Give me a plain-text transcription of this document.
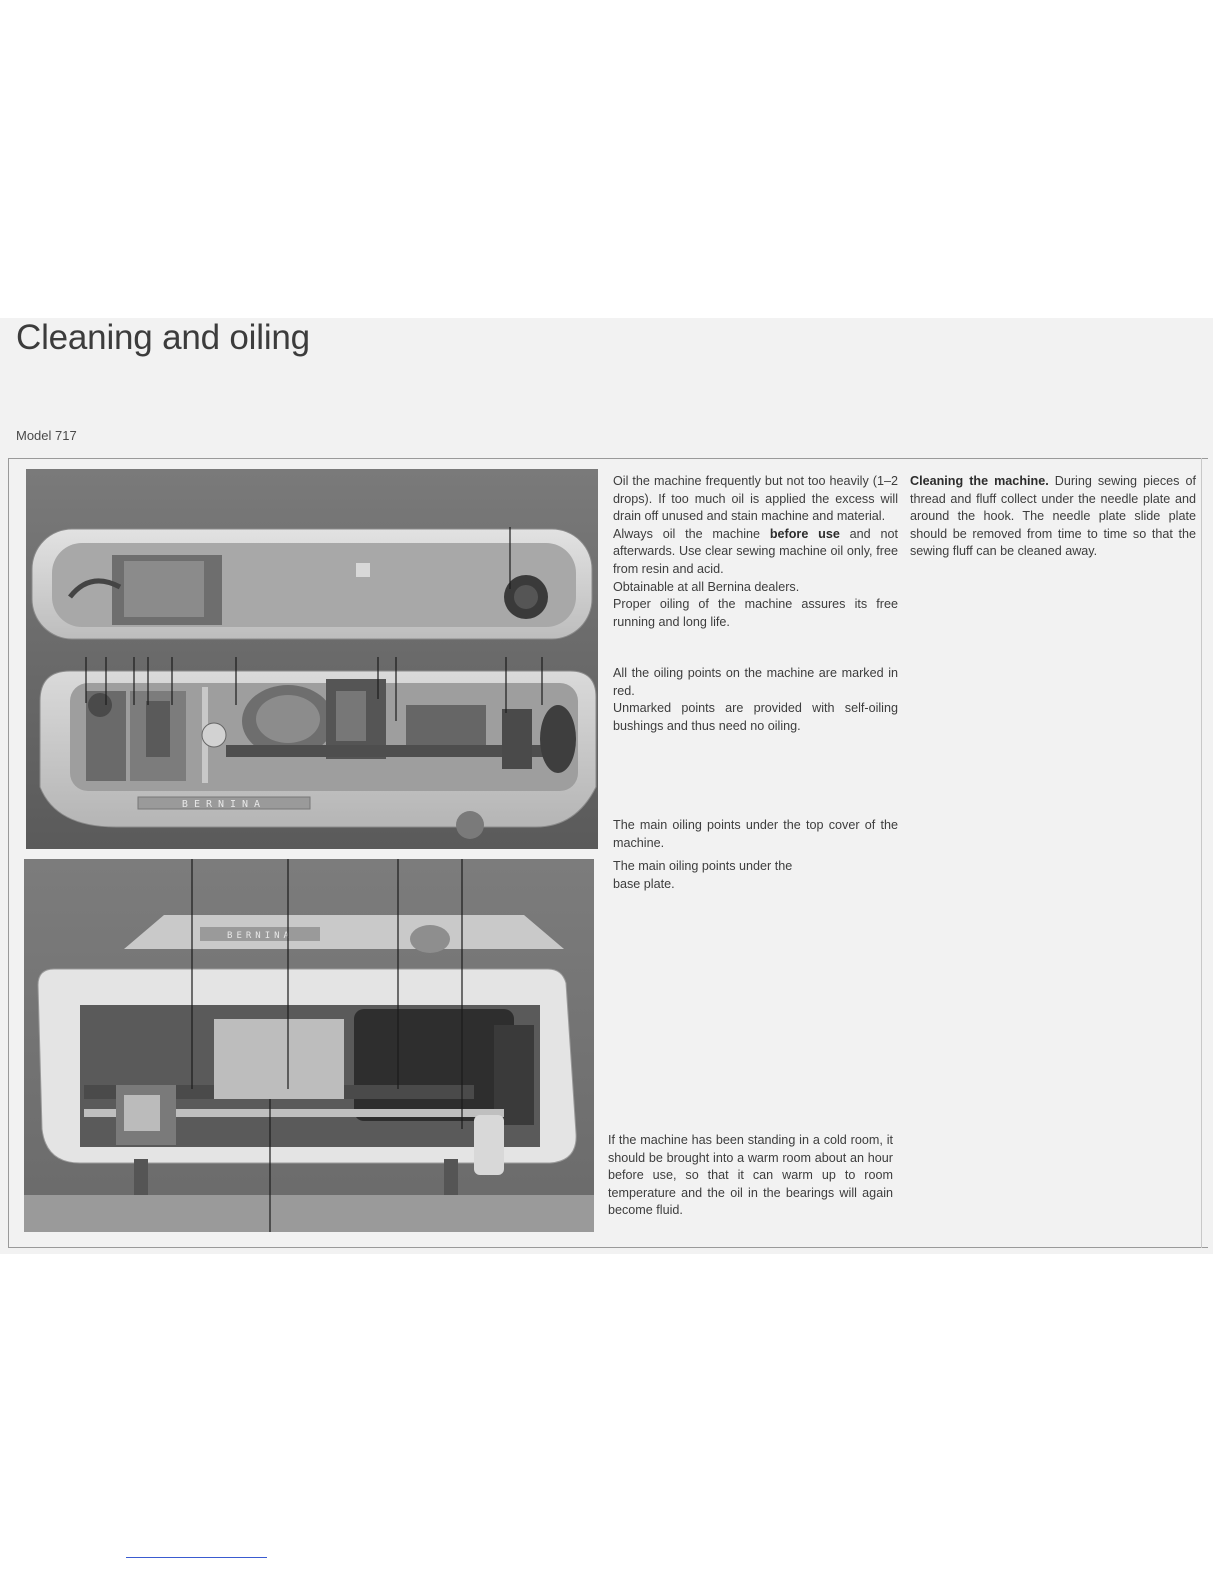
Cleaning and oiling
Model 717
BERNINA
BERNINA

Oil the machine frequently but not too heavily (1–2 drops). If too much oil is applied the excess will drain off unused and stain machine and material.

Always oil the machine before use and not afterwards. Use clear sewing machine oil only, free from resin and acid.

Obtainable at all Bernina dealers.

Proper oiling of the machine assures its free running and long life.

All the oiling points on the machine are marked in red.

Unmarked points are provided with self-oiling bushings and thus need no oiling.

The main oiling points under the top cover of the machine.

The main oiling points under the
base plate.

If the machine has been standing in a cold room, it should be brought into a warm room about an hour before use, so that it can warm up to room temperature and the oil in the bearings will again become fluid.

Cleaning the machine. During sewing pieces of thread and fluff collect under the needle plate and around the hook. The needle plate slide plate should be removed from time to time so that the sewing fluff can be cleaned away.
